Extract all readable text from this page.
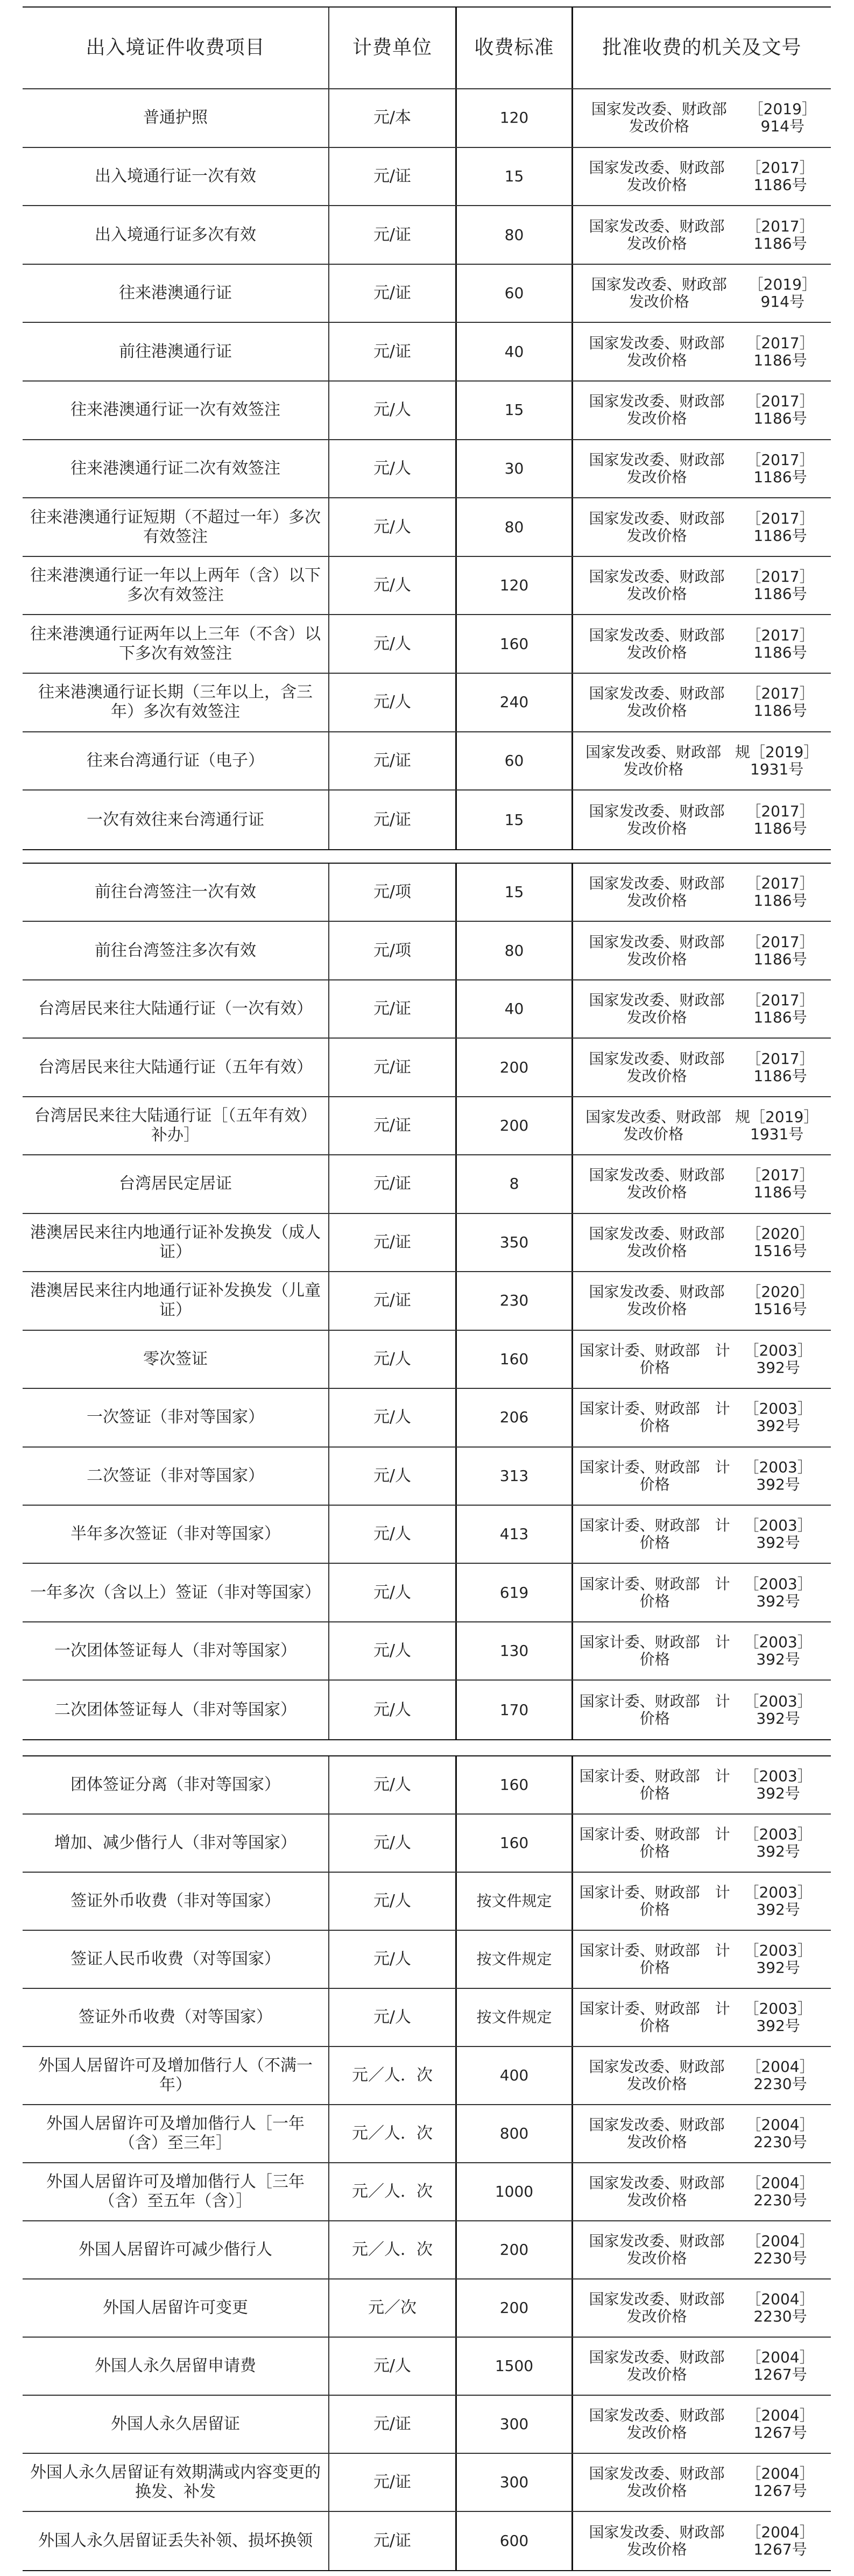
出入境证件收费项目	计费单位	收费标准	批准收费的机关及文号
普通护照	元/本	120	国家发改委、财政部　发改价格
［2019］914号
出入境通行证一次有效	元/证	15	国家发改委、财政部　发改价格
［2017］1186号
出入境通行证多次有效	元/证	80	国家发改委、财政部　发改价格
［2017］1186号
往来港澳通行证	元/证	60	国家发改委、财政部　发改价格
［2019］914号
前往港澳通行证	元/证	40	国家发改委、财政部　发改价格
［2017］1186号
往来港澳通行证一次有效签注	元/人	15	国家发改委、财政部　发改价格
［2017］1186号
往来港澳通行证二次有效签注	元/人	30	国家发改委、财政部　发改价格
［2017］1186号
往来港澳通行证短期（不超过一年）多次有效签注
元/人	80	国家发改委、财政部　发改价格
［2017］1186号
往来港澳通行证一年以上两年（含）以下多次有效签注
元/人	120	国家发改委、财政部　发改价格
［2017］1186号
往来港澳通行证两年以上三年（不含）以下多次有效签注
元/人	160	国家发改委、财政部　发改价格
［2017］1186号
往来港澳通行证长期（三年以上，含三年）多次有效签注
元/人	240	国家发改委、财政部　发改价格
［2017］1186号
往来台湾通行证（电子）	元/证	60	国家发改委、财政部　发改价格
规［2019］1931号
一次有效往来台湾通行证	元/证	15	国家发改委、财政部　发改价格
［2017］1186号
前往台湾签注一次有效	元/项	15	国家发改委、财政部　发改价格
［2017］1186号
前往台湾签注多次有效	元/项	80	国家发改委、财政部　发改价格
［2017］1186号
台湾居民来往大陆通行证（一次有效）	元/证	40	国家发改委、财政部　发改价格
［2017］1186号
台湾居民来往大陆通行证（五年有效）	元/证	200	国家发改委、财政部　发改价格
［2017］1186号
台湾居民来往大陆通行证［（五年有效）补办］
元/证	200	国家发改委、财政部　发改价格
规［2019］1931号
台湾居民定居证	元/证	8	国家发改委、财政部　发改价格
［2017］1186号
港澳居民来往内地通行证补发换发（成人证）
元/证	350	国家发改委、财政部　发改价格
［2020］1516号
港澳居民来往内地通行证补发换发（儿童证）
元/证	230	国家发改委、财政部　发改价格
［2020］1516号
零次签证	元/人	160	国家计委、财政部　计价格
［2003］392号
一次签证（非对等国家）	元/人	206	国家计委、财政部　计价格
［2003］392号
二次签证（非对等国家）	元/人	313	国家计委、财政部　计价格
［2003］392号
半年多次签证（非对等国家）	元/人	413	国家计委、财政部　计价格
［2003］392号
一年多次（含以上）签证（非对等国家）	元/人	619	国家计委、财政部　计价格
［2003］392号
一次团体签证每人（非对等国家）	元/人	130	国家计委、财政部　计价格
［2003］392号
二次团体签证每人（非对等国家）	元/人	170	国家计委、财政部　计价格
［2003］392号
团体签证分离（非对等国家）	元/人	160	国家计委、财政部　计价格
［2003］392号
增加、减少偕行人（非对等国家）	元/人	160	国家计委、财政部　计价格
［2003］392号
签证外币收费（非对等国家）	元/人	按文件规定	国家计委、财政部　计价格
［2003］392号
签证人民币收费（对等国家）	元/人	按文件规定	国家计委、财政部　计价格
［2003］392号
签证外币收费（对等国家）	元/人	按文件规定	国家计委、财政部　计价格
［2003］392号
外国人居留许可及增加偕行人（不满一年）
元／人．次	400	国家发改委、财政部　发改价格
［2004］2230号
外国人居留许可及增加偕行人［一年（含）至三年］
元／人．次	800	国家发改委、财政部　发改价格
［2004］2230号
外国人居留许可及增加偕行人［三年（含）至五年（含）］
元／人．次	1000	国家发改委、财政部　发改价格
［2004］2230号
外国人居留许可减少偕行人	元／人．次	200	国家发改委、财政部　发改价格
［2004］2230号
外国人居留许可变更	元／次	200	国家发改委、财政部　发改价格
［2004］2230号
外国人永久居留申请费	元/人	1500	国家发改委、财政部　发改价格
［2004］1267号
外国人永久居留证	元/证	300	国家发改委、财政部　发改价格
［2004］1267号
外国人永久居留证有效期满或内容变更的换发、补发
元/证	300	国家发改委、财政部　发改价格
［2004］1267号
外国人永久居留证丢失补领、损坏换领	元/证	600	国家发改委、财政部　发改价格
［2004］1267号
